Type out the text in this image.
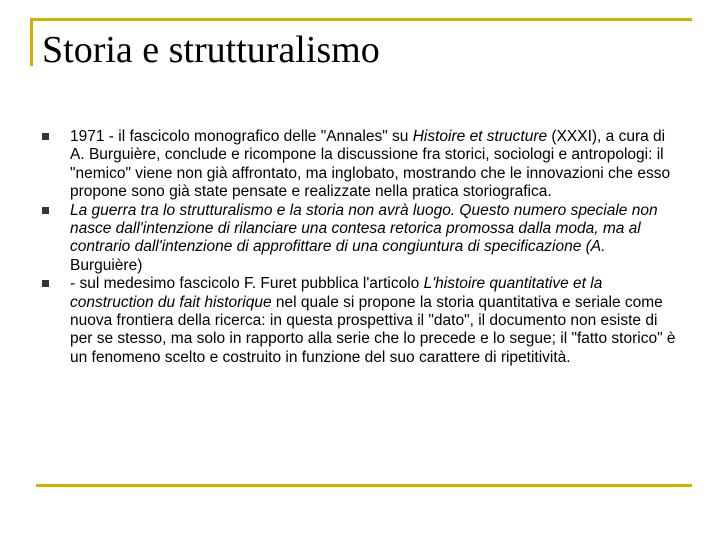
Storia e strutturalismo
1971 - il fascicolo monografico delle "Annales" su Histoire et structure (XXXI), a cura di A. Burguière, conclude e ricompone la discussione fra storici, sociologi e antropologi: il "nemico" viene non già affrontato, ma inglobato, mostrando che le innovazioni che esso propone sono già state pensate e realizzate nella pratica storiografica.
La guerra tra lo strutturalismo e la storia non avrà luogo. Questo numero speciale non nasce dall'intenzione di rilanciare una contesa retorica promossa dalla moda, ma al contrario dall'intenzione di approfittare di una congiuntura di specificazione (A. Burguière)
- sul medesimo fascicolo F. Furet pubblica l'articolo L'histoire quantitative et la construction du fait historique nel quale si propone la storia quantitativa e seriale come nuova frontiera della ricerca: in questa prospettiva il "dato", il documento non esiste di per se stesso, ma solo in rapporto alla serie che lo precede e lo segue; il "fatto storico" è un fenomeno scelto e costruito in funzione del suo carattere di ripetitività.
